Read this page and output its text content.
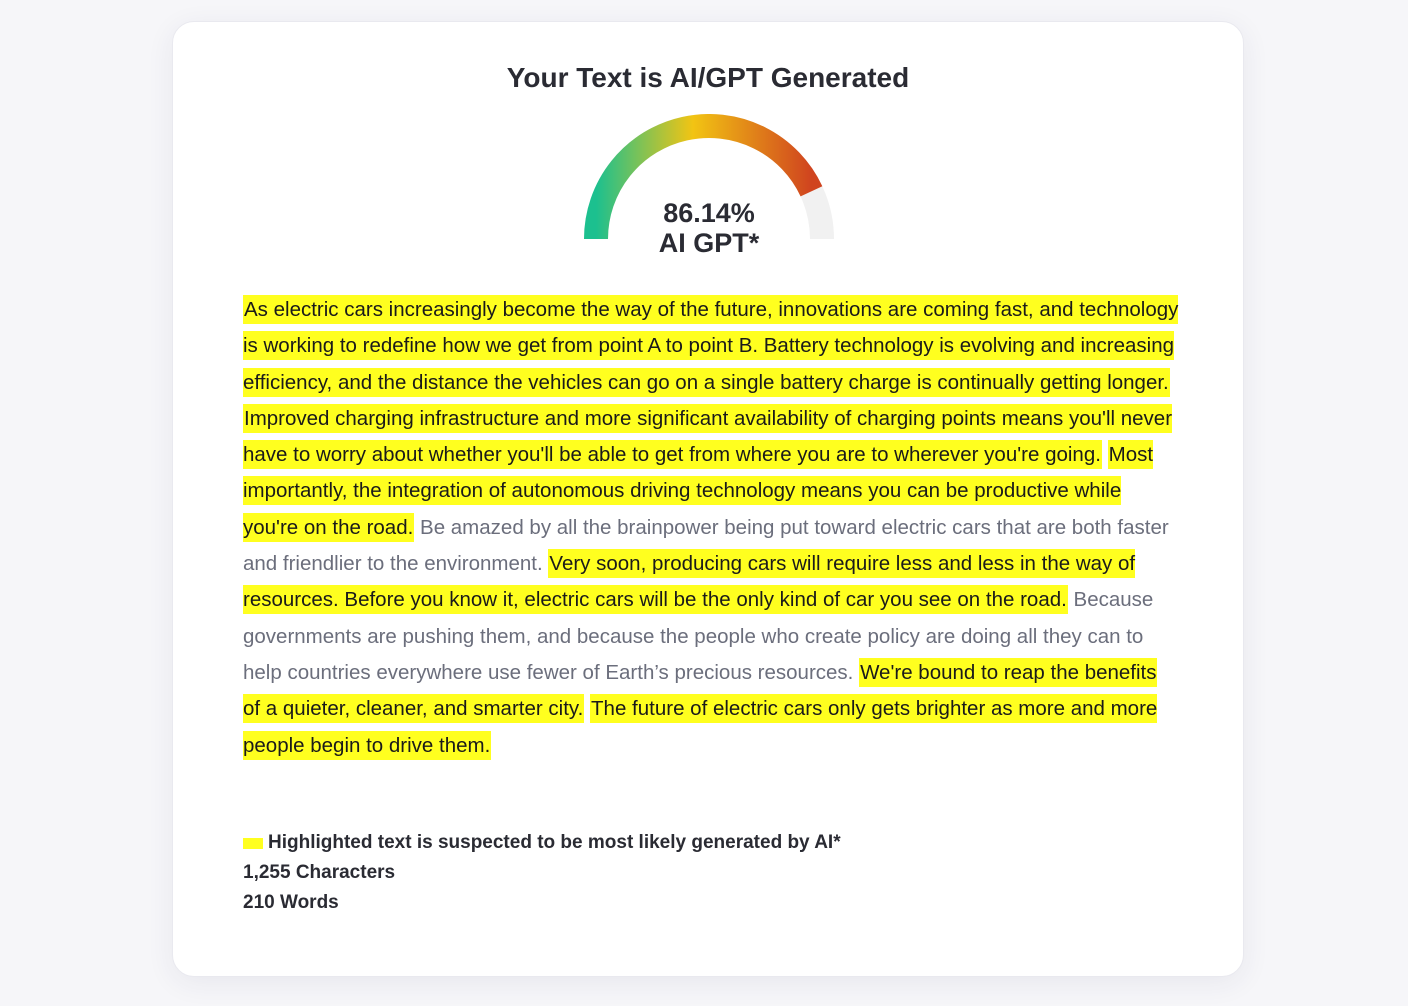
Your Text is AI/GPT Generated
86.14%
AI GPT*

As electric cars increasingly become the way of the future, innovations are coming fast, and technology is working to redefine how we get from point A to point B. Battery technology is evolving and increasing efficiency, and the distance the vehicles can go on a single battery charge is continually getting longer. Improved charging infrastructure and more significant availability of charging points means you'll never have to worry about whether you'll be able to get from where you are to wherever you're going. Most importantly, the integration of autonomous driving technology means you can be productive while you're on the road. Be amazed by all the brainpower being put toward electric cars that are both faster and friendlier to the environment. Very soon, producing cars will require less and less in the way of resources. Before you know it, electric cars will be the only kind of car you see on the road. Because governments are pushing them, and because the people who create policy are doing all they can to help countries everywhere use fewer of Earth’s precious resources. We're bound to reap the benefits of a quieter, cleaner, and smarter city. The future of electric cars only gets brighter as more and more people begin to drive them.

Highlighted text is suspected to be most likely generated by AI*
1,255 Characters
210 Words
